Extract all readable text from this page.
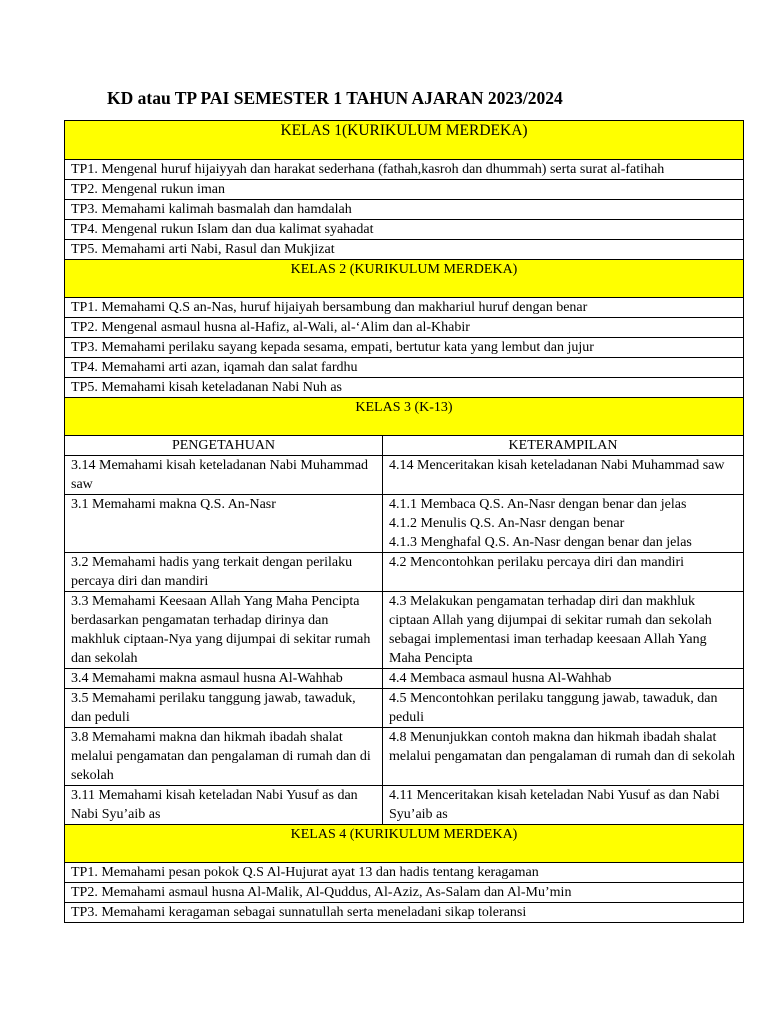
KD atau TP PAI SEMESTER 1 TAHUN AJARAN 2023/2024
KELAS 1(KURIKULUM MERDEKA)	
TP1. Mengenal huruf hijaiyyah dan harakat sederhana (fathah,kasroh dan dhummah) serta surat al-fatihah	
TP2. Mengenal rukun iman	
TP3. Memahami kalimah basmalah dan hamdalah	
TP4. Mengenal rukun Islam dan dua kalimat syahadat	
TP5. Memahami arti Nabi, Rasul dan Mukjizat	
KELAS 2 (KURIKULUM MERDEKA)	
TP1. Memahami Q.S an-Nas, huruf hijaiyah bersambung dan makhariul huruf dengan benar	
TP2. Mengenal asmaul husna al-Hafiz, al-Wali, al-‘Alim dan al-Khabir	
TP3. Memahami perilaku sayang kepada sesama, empati, bertutur kata yang lembut dan jujur	
TP4. Memahami arti azan, iqamah dan salat fardhu	
TP5. Memahami kisah keteladanan Nabi Nuh as	
KELAS 3 (K-13)	
PENGETAHUAN	KETERAMPILAN
3.14 Memahami kisah keteladanan Nabi Muhammad saw	4.14 Menceritakan kisah keteladanan Nabi Muhammad saw

3.1 Memahami makna Q.S. An-Nasr	4.1.1 Membaca Q.S. An-Nasr dengan benar dan jelas
4.1.2 Menulis Q.S. An-Nasr dengan benar
4.1.3 Menghafal Q.S. An-Nasr dengan benar dan jelas

3.2 Memahami hadis yang terkait dengan perilaku percaya diri dan mandiri	4.2 Mencontohkan perilaku percaya diri dan mandiri

3.3 Memahami Keesaan Allah Yang Maha Pencipta berdasarkan pengamatan terhadap dirinya dan makhluk ciptaan-Nya yang dijumpai di sekitar rumah dan sekolah	4.3 Melakukan pengamatan terhadap diri dan makhluk ciptaan Allah yang dijumpai di sekitar rumah dan sekolah sebagai implementasi iman terhadap keesaan Allah Yang Maha Pencipta

3.4 Memahami makna asmaul husna Al-Wahhab	4.4 Membaca asmaul husna Al-Wahhab

3.5 Memahami perilaku tanggung jawab, tawaduk, dan peduli	4.5 Mencontohkan perilaku tanggung jawab, tawaduk, dan peduli

3.8 Memahami makna dan hikmah ibadah shalat melalui pengamatan dan pengalaman di rumah dan di sekolah	4.8 Menunjukkan contoh makna dan hikmah ibadah shalat melalui pengamatan dan pengalaman di rumah dan di sekolah

3.11 Memahami kisah keteladan Nabi Yusuf as dan Nabi Syu’aib as	4.11 Menceritakan kisah keteladan Nabi Yusuf as dan Nabi Syu’aib as

KELAS 4 (KURIKULUM MERDEKA)	
TP1. Memahami pesan pokok Q.S Al-Hujurat ayat 13 dan hadis tentang keragaman	
TP2. Memahami asmaul husna Al-Malik, Al-Quddus, Al-Aziz, As-Salam dan Al-Mu’min	
TP3. Memahami keragaman sebagai sunnatullah serta meneladani sikap toleransi	
